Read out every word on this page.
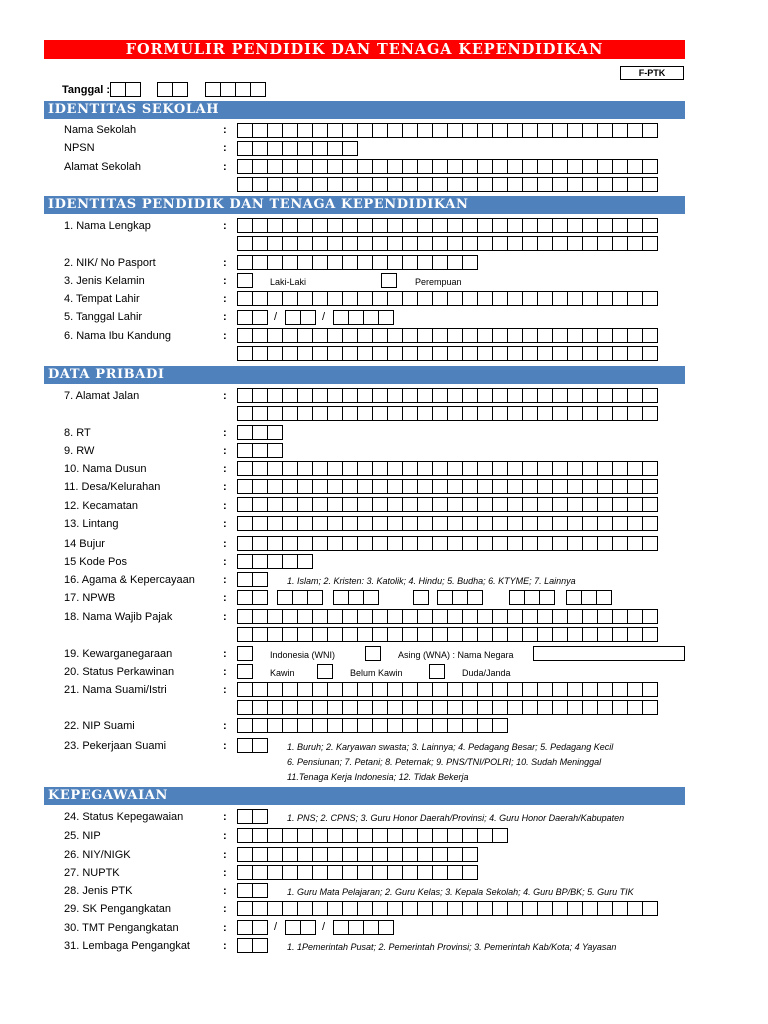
FORMULIR PENDIDIK DAN TENAGA KEPENDIDIKAN
F-PTK
Tanggal :
IDENTITAS SEKOLAH
Nama Sekolah	:
NPSN	:
Alamat Sekolah	:
IDENTITAS PENDIDIK DAN TENAGA KEPENDIDIKAN
1. Nama Lengkap	:
2. NIK/ No Pasport	:
3. Jenis Kelamin	:	Laki-Laki	Perempuan
4. Tempat Lahir	:
5. Tanggal Lahir	:	/	/
6. Nama Ibu Kandung	:
DATA PRIBADI
7. Alamat Jalan	:
8. RT	:
9. RW	:
10. Nama Dusun	:
11. Desa/Kelurahan	:
12. Kecamatan	:
13. Lintang	:
14 Bujur	:
15 Kode Pos	:
16. Agama & Kepercayaan	:	1. Islam; 2. Kristen: 3. Katolik; 4. Hindu; 5. Budha; 6. KTYME; 7. Lainnya
17. NPWB	:
18. Nama Wajib Pajak	:
19. Kewarganegaraan	:	Indonesia (WNI)	Asing (WNA) : Nama Negara
20. Status Perkawinan	:	Kawin	Belum Kawin	Duda/Janda
21. Nama Suami/Istri	:
22. NIP Suami	:
23. Pekerjaan Suami	:	1. Buruh; 2. Karyawan swasta; 3. Lainnya; 4. Pedagang Besar; 5. Pedagang Kecil
6. Pensiunan; 7. Petani; 8. Peternak; 9. PNS/TNI/POLRI; 10. Sudah Meninggal
11.Tenaga Kerja Indonesia; 12. Tidak Bekerja
KEPEGAWAIAN
24. Status Kepegawaian	:	1. PNS; 2. CPNS; 3. Guru Honor Daerah/Provinsi; 4. Guru Honor Daerah/Kabupaten
25. NIP	:
26. NIY/NIGK	:
27. NUPTK	:
28. Jenis PTK	:	1. Guru Mata Pelajaran; 2. Guru Kelas; 3. Kepala Sekolah; 4. Guru BP/BK; 5. Guru TIK
29. SK Pengangkatan	:
30. TMT Pengangkatan	:	/	/
31. Lembaga Pengangkat	:	1. 1Pemerintah Pusat; 2. Pemerintah Provinsi; 3. Pemerintah Kab/Kota; 4 Yayasan
